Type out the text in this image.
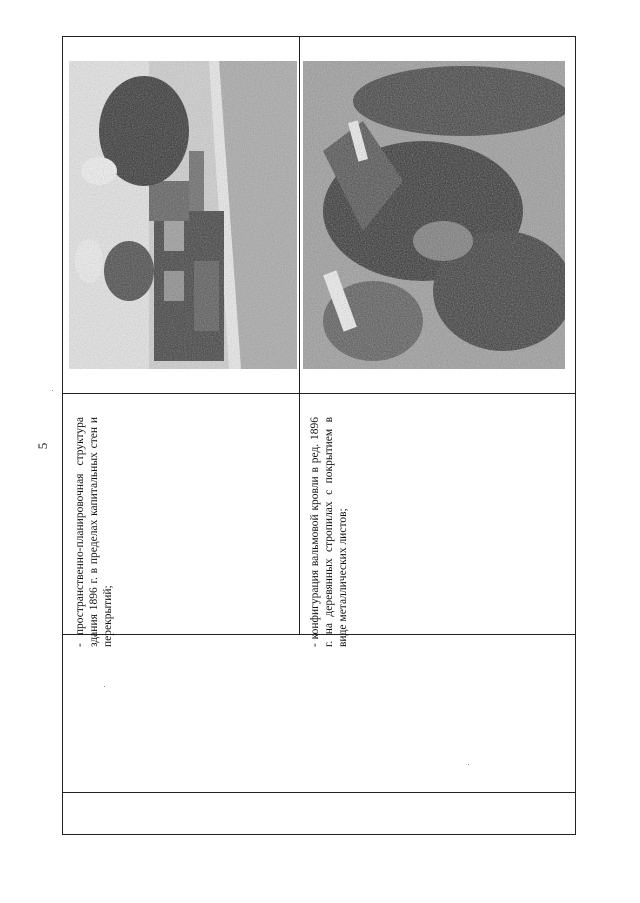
5	- пространственно-планировочная структура здания 1896 г. в пределах капитальных стен и перекрытий;	- конфигурация вальмовой кровли в ред. 1896 г. на деревянных стропилах с покрытием в виде металлических листов;
